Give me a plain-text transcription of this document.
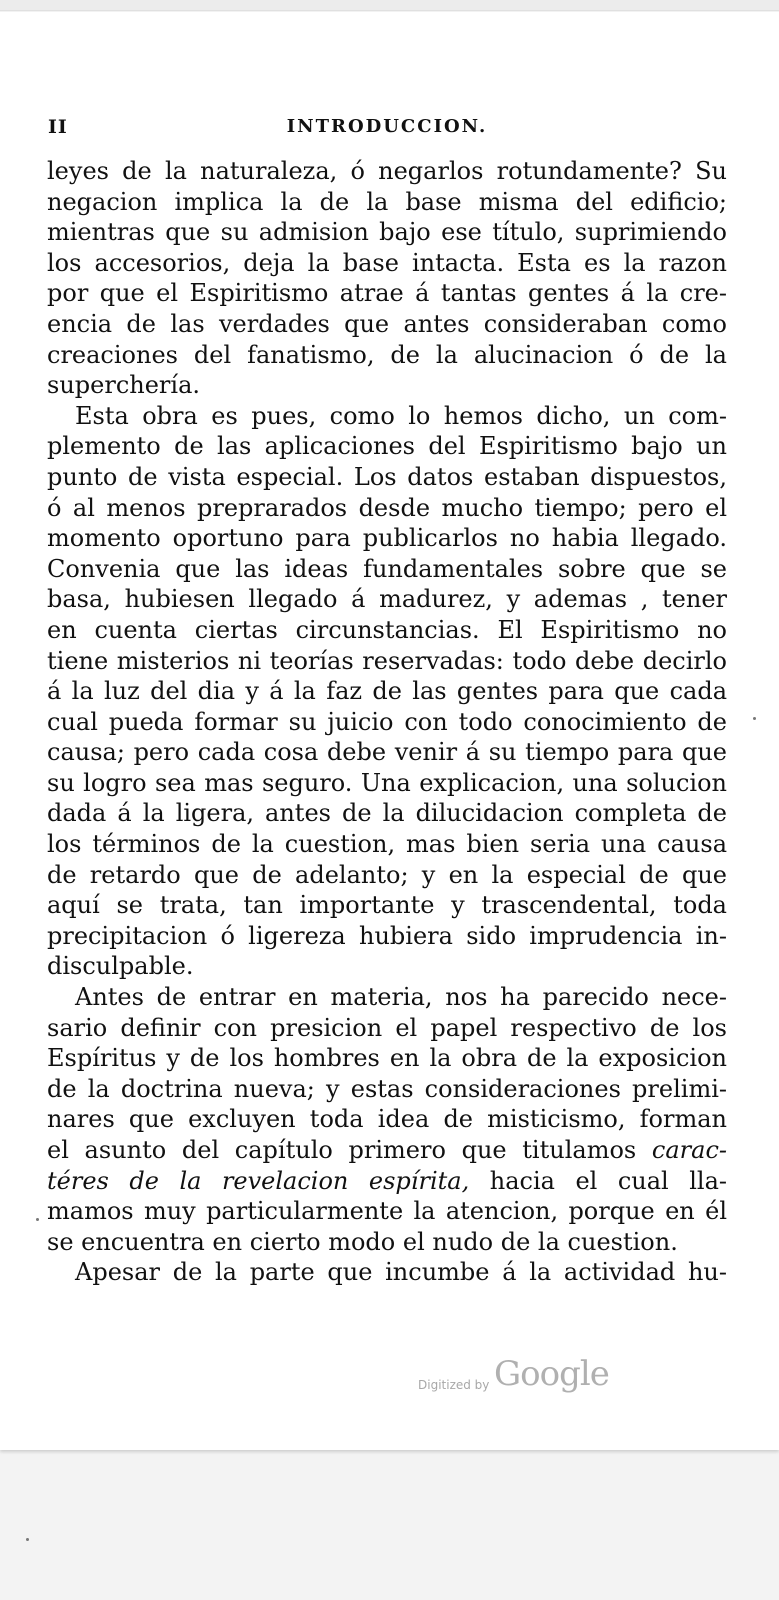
II	INTRODUCCION.
leyes de la naturaleza, ó negarlos rotundamente? Su
negacion implica la de la base misma del edificio;
mientras que su admision bajo ese título, suprimiendo
los accesorios, deja la base intacta. Esta es la razon
por que el Espiritismo atrae á tantas gentes á la cre-
encia de las verdades que antes consideraban como
creaciones del fanatismo, de la alucinacion ó de la
superchería.
Esta obra es pues, como lo hemos dicho, un com-
plemento de las aplicaciones del Espiritismo bajo un
punto de vista especial. Los datos estaban dispuestos,
ó al menos preprarados desde mucho tiempo; pero el
momento oportuno para publicarlos no habia llegado.
Convenia que las ideas fundamentales sobre que se
basa, hubiesen llegado á madurez, y ademas , tener
en cuenta ciertas circunstancias. El Espiritismo no
tiene misterios ni teorías reservadas: todo debe decirlo
á la luz del dia y á la faz de las gentes para que cada
cual pueda formar su juicio con todo conocimiento de
causa; pero cada cosa debe venir á su tiempo para que
su logro sea mas seguro. Una explicacion, una solucion
dada á la ligera, antes de la dilucidacion completa de
los términos de la cuestion, mas bien seria una causa
de retardo que de adelanto; y en la especial de que
aquí se trata, tan importante y trascendental, toda
precipitacion ó ligereza hubiera sido imprudencia in-
disculpable.
Antes de entrar en materia, nos ha parecido nece-
sario definir con presicion el papel respectivo de los
Espíritus y de los hombres en la obra de la exposicion
de la doctrina nueva; y estas consideraciones prelimi-
nares que excluyen toda idea de misticismo, forman
el asunto del capítulo primero que titulamos carac-
téres de la revelacion espírita, hacia el cual lla-
mamos muy particularmente la atencion, porque en él
se encuentra en cierto modo el nudo de la cuestion.
Apesar de la parte que incumbe á la actividad hu-
Digitized by Google
